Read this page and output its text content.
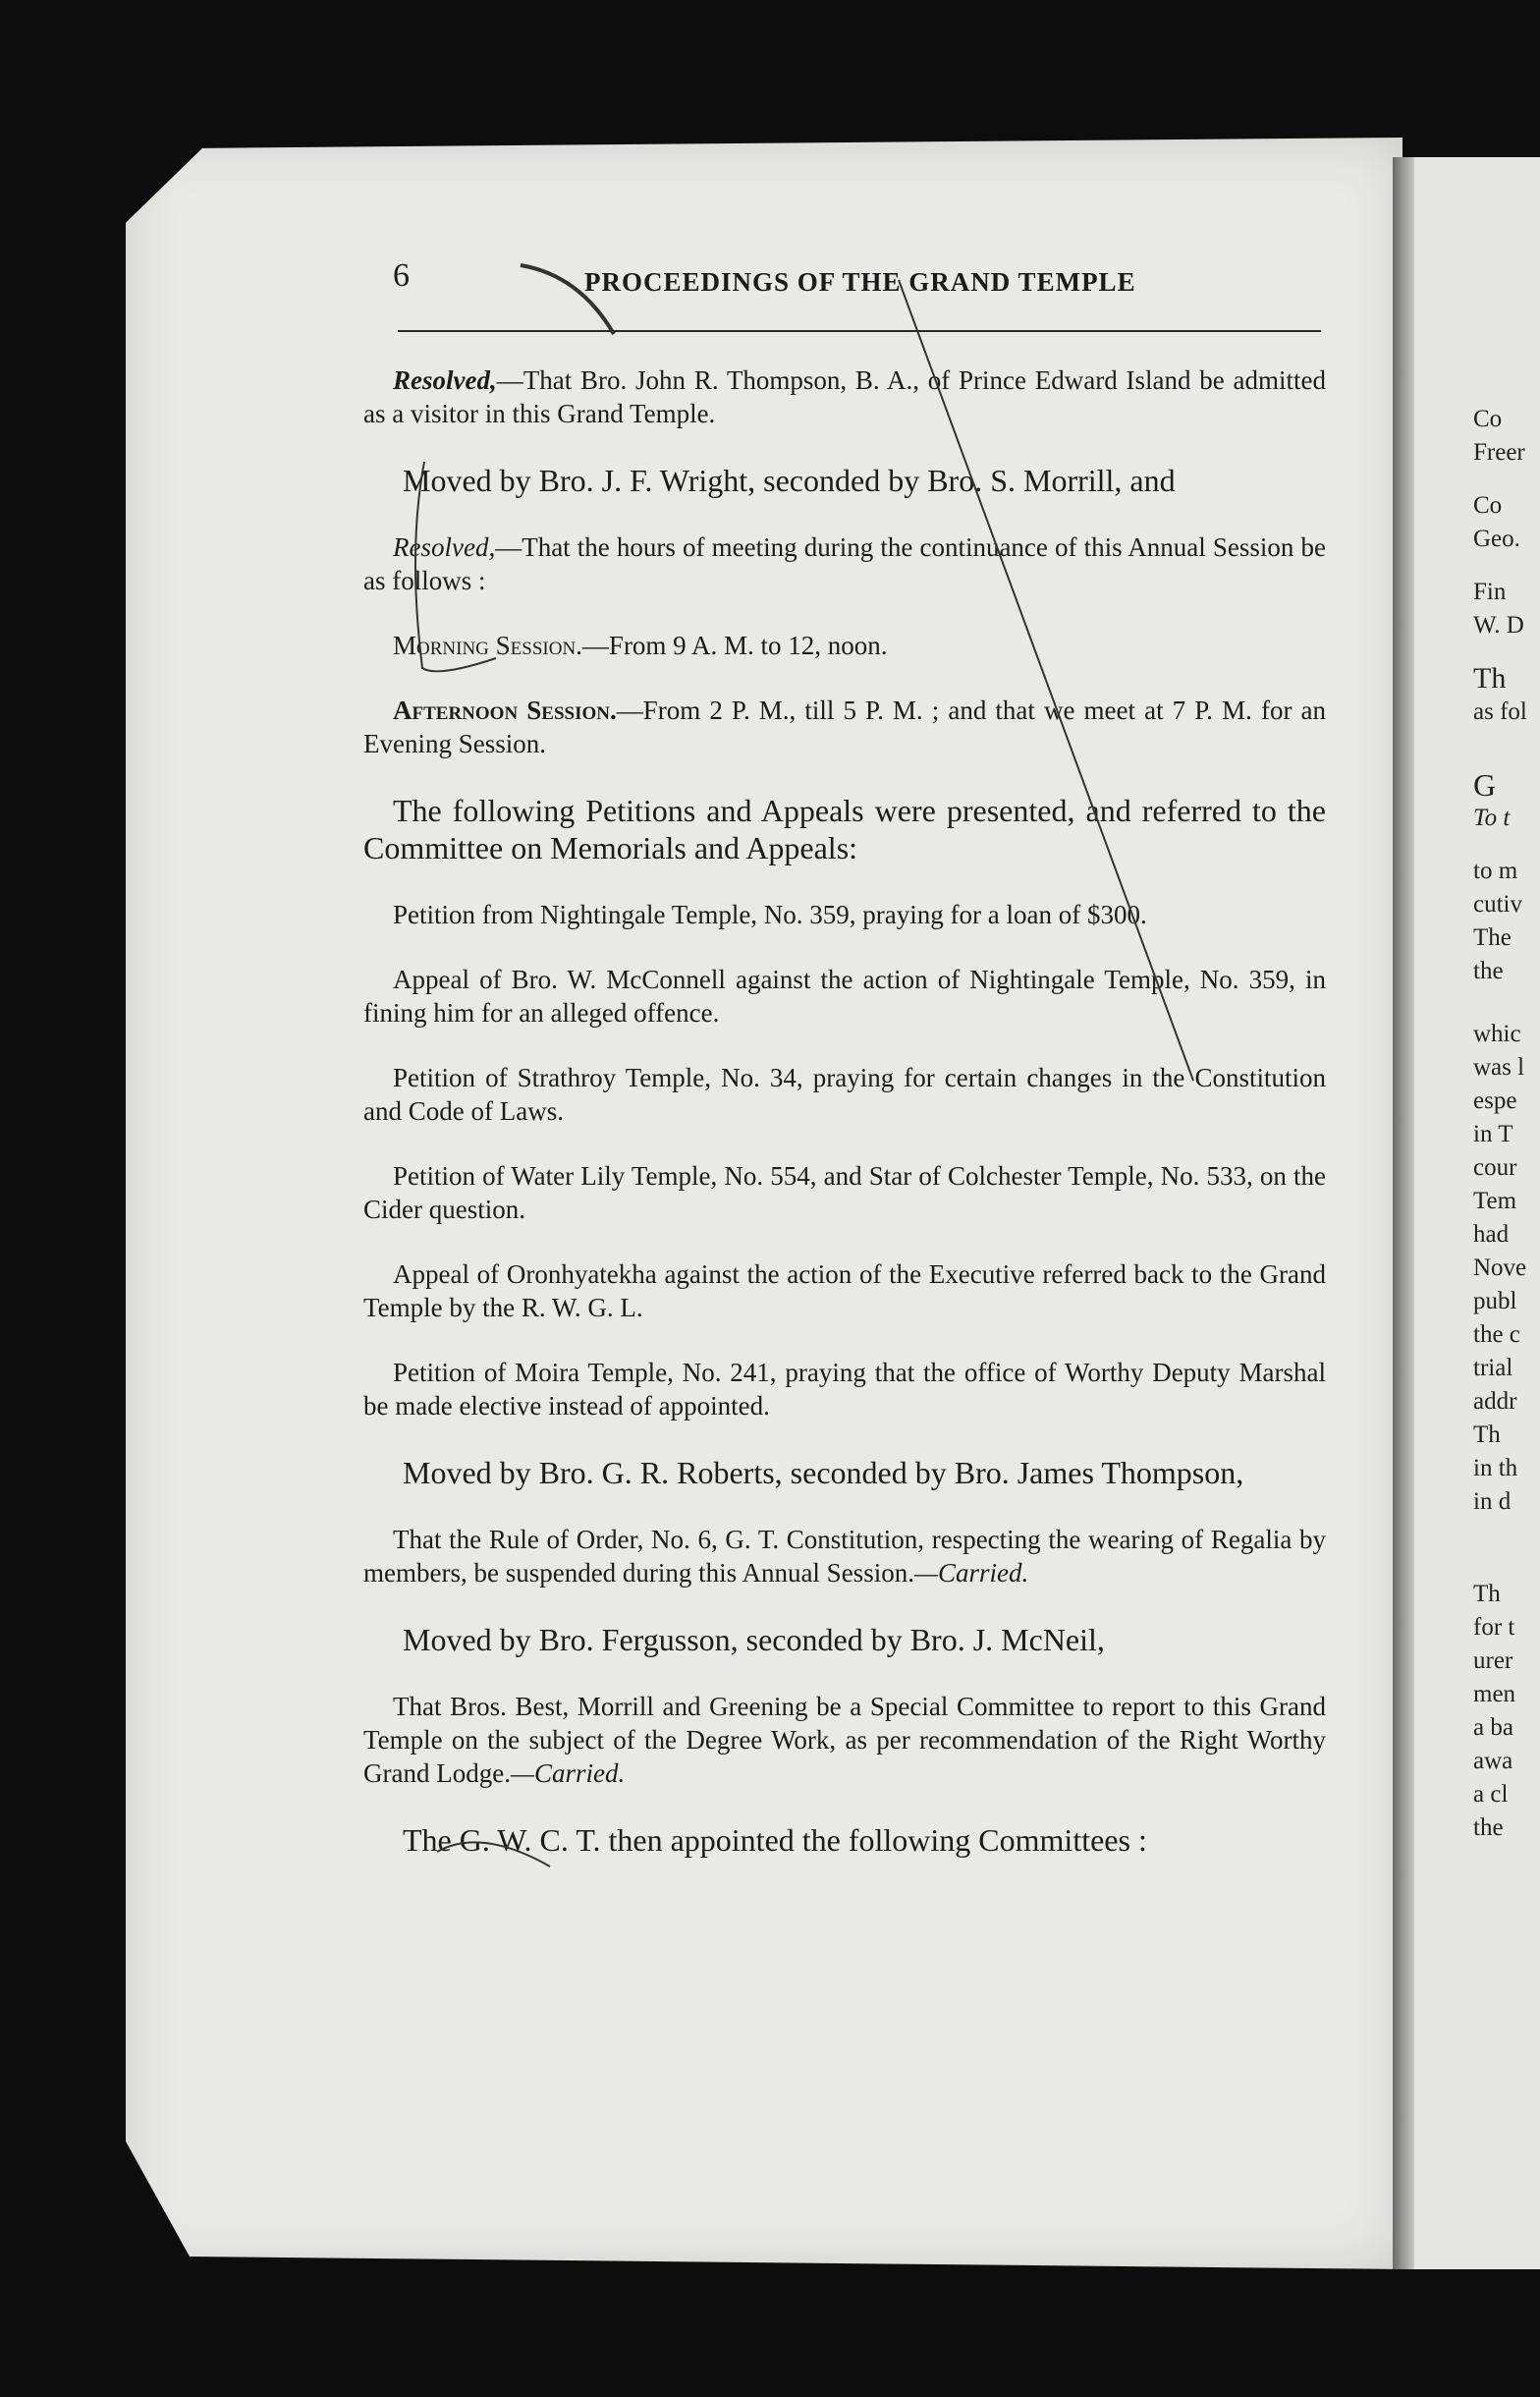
6	PROCEEDINGS OF THE GRAND TEMPLE

Resolved,—That Bro. John R. Thompson, B. A., of Prince Edward Island be admitted as a visitor in this Grand Temple.

Moved by Bro. J. F. Wright, seconded by Bro. S. Morrill, and

Resolved,—That the hours of meeting during the continuance of this Annual Session be as follows :

Morning Session.—From 9 A. M. to 12, noon.

Afternoon Session.—From 2 P. M., till 5 P. M. ; and that we meet at 7 P. M. for an Evening Session.

The following Petitions and Appeals were presented, and referred to the Committee on Memorials and Appeals:

Petition from Nightingale Temple, No. 359, praying for a loan of $300.

Appeal of Bro. W. McConnell against the action of Nightingale Temple, No. 359, in fining him for an alleged offence.

Petition of Strathroy Temple, No. 34, praying for certain changes in the Constitution and Code of Laws.

Petition of Water Lily Temple, No. 554, and Star of Colchester Temple, No. 533, on the Cider question.

Appeal of Oronhyatekha against the action of the Executive referred back to the Grand Temple by the R. W. G. L.

Petition of Moira Temple, No. 241, praying that the office of Worthy Deputy Marshal be made elective instead of appointed.

Moved by Bro. G. R. Roberts, seconded by Bro. James Thompson,

That the Rule of Order, No. 6, G. T. Constitution, respecting the wearing of Regalia by members, be suspended during this Annual Session.—Carried.

Moved by Bro. Fergusson, seconded by Bro. J. McNeil,

That Bros. Best, Morrill and Greening be a Special Committee to report to this Grand Temple on the subject of the Degree Work, as per recommendation of the Right Worthy Grand Lodge.—Carried.

The G. W. C. T. then appointed the following Committees :

Co
Freer
Co
Geo.
Fin
W. D
Th
as fol
G
To t
to m
cutiv
The
the
whic
was l
espe
in T
cour
Tem
had
Nove
publ
the c
trial
addr
Th
in th
in d
Th
for t
urer
men
a ba
awa
a cl
the
